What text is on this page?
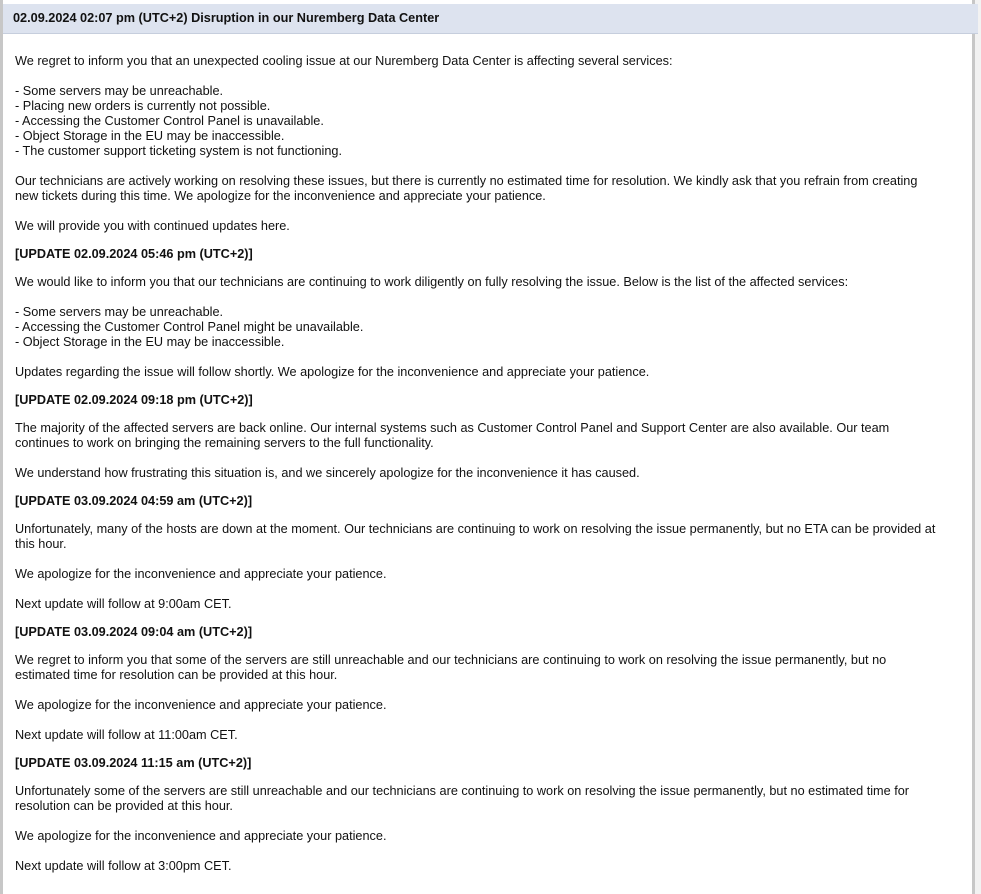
02.09.2024 02:07 pm (UTC+2) Disruption in our Nuremberg Data Center
We regret to inform you that an unexpected cooling issue at our Nuremberg Data Center is affecting several services:
- Some servers may be unreachable.
- Placing new orders is currently not possible.
- Accessing the Customer Control Panel is unavailable.
- Object Storage in the EU may be inaccessible.
- The customer support ticketing system is not functioning.
Our technicians are actively working on resolving these issues, but there is currently no estimated time for resolution. We kindly ask that you refrain from creating
new tickets during this time. We apologize for the inconvenience and appreciate your patience.
We will provide you with continued updates here.
[UPDATE 02.09.2024 05:46 pm (UTC+2)]
We would like to inform you that our technicians are continuing to work diligently on fully resolving the issue. Below is the list of the affected services:
- Some servers may be unreachable.
- Accessing the Customer Control Panel might be unavailable.
- Object Storage in the EU may be inaccessible.
Updates regarding the issue will follow shortly. We apologize for the inconvenience and appreciate your patience.
[UPDATE 02.09.2024 09:18 pm (UTC+2)]
The majority of the affected servers are back online. Our internal systems such as Customer Control Panel and Support Center are also available. Our team
continues to work on bringing the remaining servers to the full functionality.
We understand how frustrating this situation is, and we sincerely apologize for the inconvenience it has caused.
[UPDATE 03.09.2024 04:59 am (UTC+2)]
Unfortunately, many of the hosts are down at the moment. Our technicians are continuing to work on resolving the issue permanently, but no ETA can be provided at
this hour.
We apologize for the inconvenience and appreciate your patience.
Next update will follow at 9:00am CET.
[UPDATE 03.09.2024 09:04 am (UTC+2)]
We regret to inform you that some of the servers are still unreachable and our technicians are continuing to work on resolving the issue permanently, but no
estimated time for resolution can be provided at this hour.
We apologize for the inconvenience and appreciate your patience.
Next update will follow at 11:00am CET.
[UPDATE 03.09.2024 11:15 am (UTC+2)]
Unfortunately some of the servers are still unreachable and our technicians are continuing to work on resolving the issue permanently, but no estimated time for
resolution can be provided at this hour.
We apologize for the inconvenience and appreciate your patience.
Next update will follow at 3:00pm CET.
